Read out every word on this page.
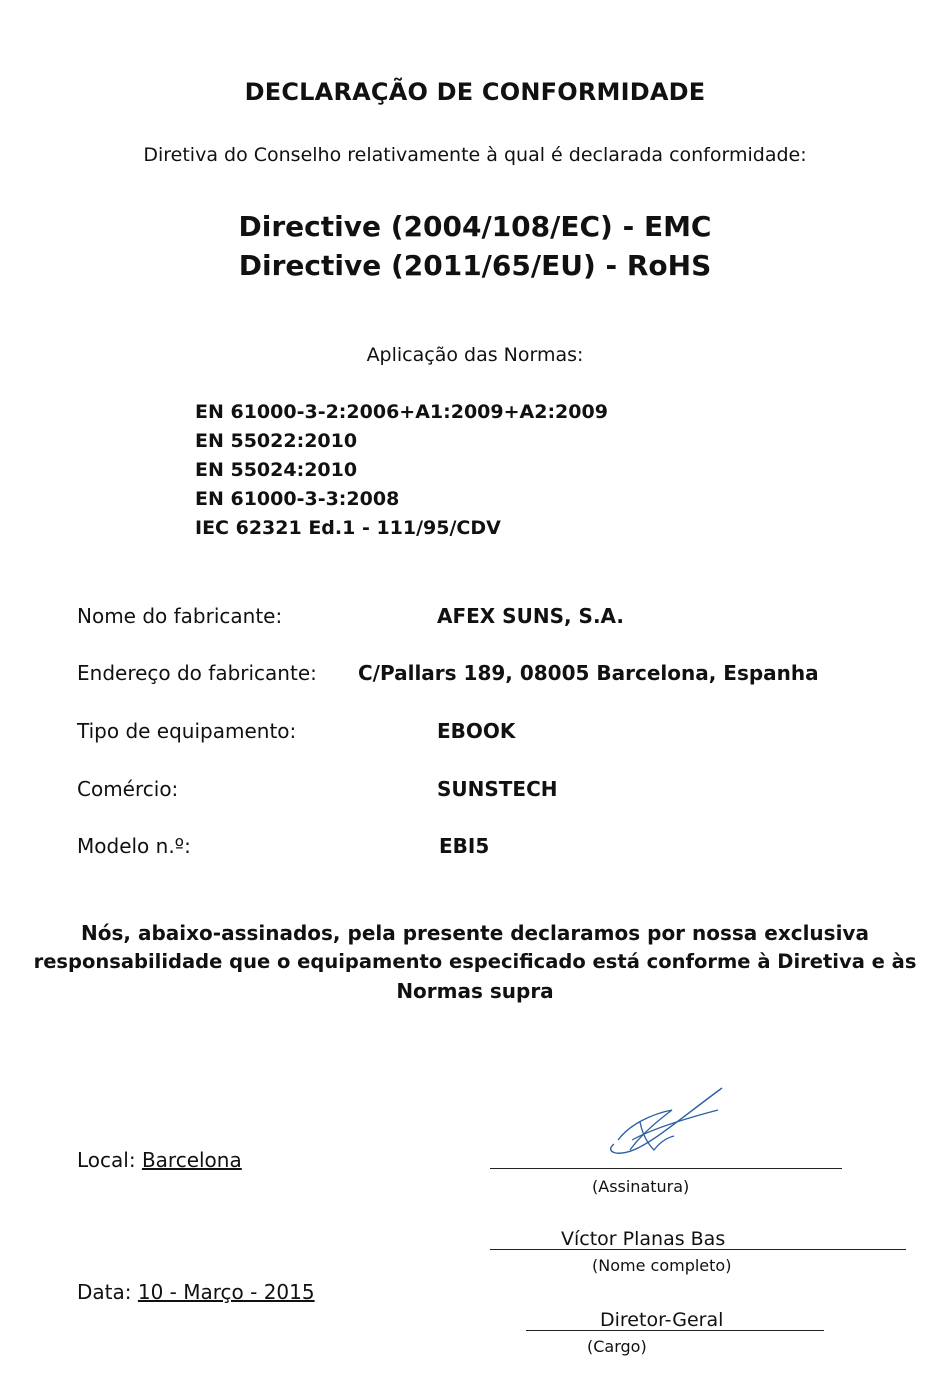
DECLARAÇÃO DE CONFORMIDADE
Diretiva do Conselho relativamente à qual é declarada conformidade:
Directive (2004/108/EC) - EMC
Directive (2011/65/EU) - RoHS
Aplicação das Normas:
EN 61000-3-2:2006+A1:2009+A2:2009
EN 55022:2010
EN 55024:2010
EN 61000-3-3:2008
IEC 62321 Ed.1 - 111/95/CDV
Nome do fabricante:	AFEX SUNS, S.A.
Endereço do fabricante: C/Pallars 189, 08005 Barcelona, Espanha
Tipo de equipamento:	EBOOK
Comércio:	SUNSTECH
Modelo n.º:	EBI5
Nós, abaixo-assinados, pela presente declaramos por nossa exclusiva
responsabilidade que o equipamento especificado está conforme à Diretiva e às
Normas supra
Local: Barcelona
(Assinatura)
Víctor Planas Bas
(Nome completo)
Data: 10 - Março - 2015
Diretor-Geral
(Cargo)
